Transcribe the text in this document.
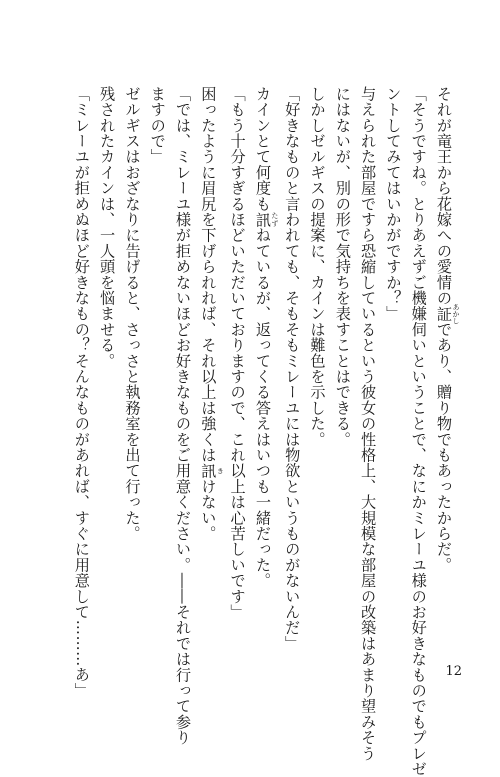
それが竜王から花嫁への愛情の証 あかしであり、贈り物でもあったからだ。
「そうですね。とりあえずご機嫌伺いということで、なにかミレーユ様のお好きなものでもプレゼ
ントしてみてはいかがですか？」
与えられた部屋ですら恐縮しているという彼女の性格上、大規模な部屋の改築はあまり望みそう
にはないが、別の形で気持ちを表すことはできる。
しかしゼルギスの提案に、カインは難色を示した。
「好きなものと言われても、そもそもミレーユには物欲というものがないんだ」
カインとて何度も訊 たずねているが、返ってくる答えはいつも一緒だった。
「もう十分すぎるほどいただいておりますので、これ以上は心苦しいです」
困ったように眉尻を下げられれば、それ以上は強くは訊 きけない。
「では、ミレーユ様が拒めないほどお好きなものをご用意ください。――それでは行って参り
ますので」
ゼルギスはおざなりに告げると、さっさと執務室を出て行った。
残されたカインは、一人頭を悩ませる。
「ミレーユが拒めぬほど好きなもの？そんなものがあれば、すぐに用意して………あ」	12
